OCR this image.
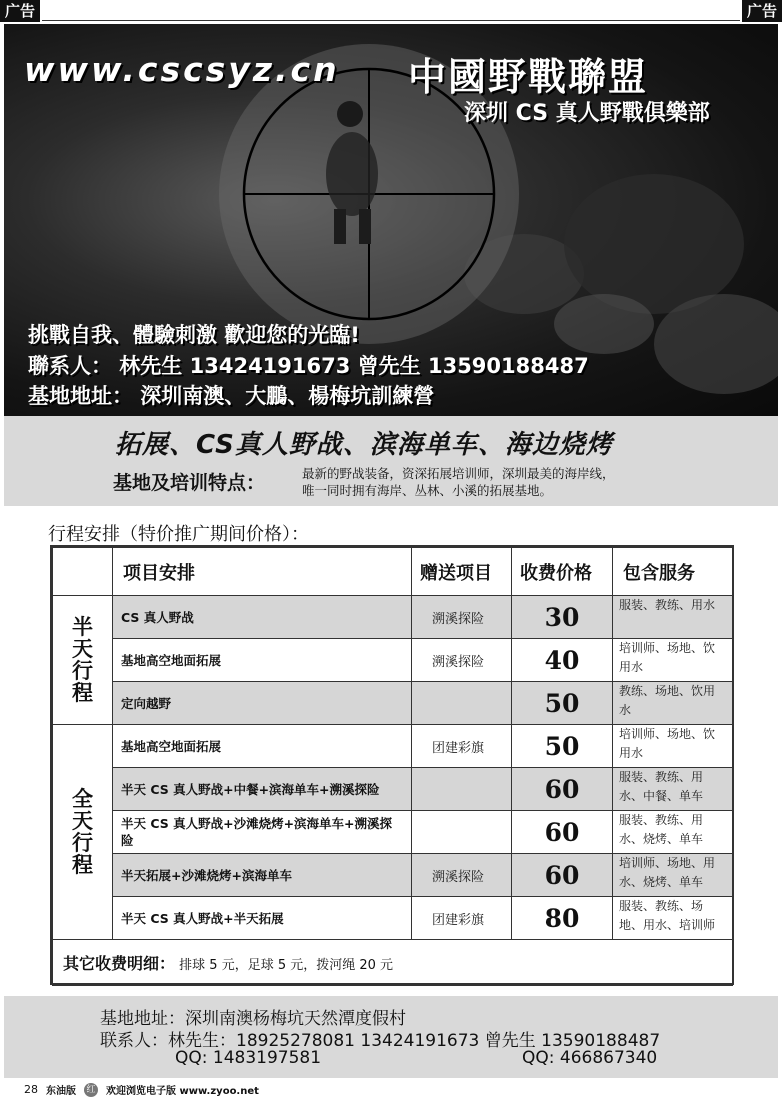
广告	广告
www.cscsyz.cn 中國野戰聯盟
深圳 CS 真人野戰俱樂部
挑戰自我、體驗刺激 歡迎您的光臨!
聯系人： 林先生 13424191673 曾先生 13590188487
基地地址： 深圳南澳、大鵬、楊梅坑訓練營
拓展、CS真人野战、滨海单车、海边烧烤
基地及培训特点：	最新的野战装备，资深拓展培训师，深圳最美的海岸线，
唯一同时拥有海岸、丛林、小溪的拓展基地。
行程安排（特价推广期间价格）：
	项目安排	赠送项目	收费价格	包含服务
半天行程	CS 真人野战	溯溪探险	30	服装、教练、用水
	基地高空地面拓展	溯溪探险	40	培训师、场地、饮用水
	定向越野		50	教练、场地、饮用水
全天行程	基地高空地面拓展	团建彩旗	50	培训师、场地、饮用水
	半天 CS 真人野战+中餐+滨海单车+溯溪探险		60	服装、教练、用水、中餐、单车
	半天 CS 真人野战+沙滩烧烤+滨海单车+溯溪探险		60	服装、教练、用水、烧烤、单车
	半天拓展+沙滩烧烤+滨海单车	溯溪探险	60	培训师、场地、用水、烧烤、单车
	半天 CS 真人野战+半天拓展	团建彩旗	80	服装、教练、场地、用水、培训师
其它收费明细： 排球 5 元，足球 5 元，拨河绳 20 元				
基地地址：深圳南澳杨梅坑天然潭度假村
联系人：林先生：18925278081 13424191673 曾先生 13590188487
QQ: 1483197581	QQ: 466867340
28 东油版 红 欢迎浏览电子版 www.zyoo.net
